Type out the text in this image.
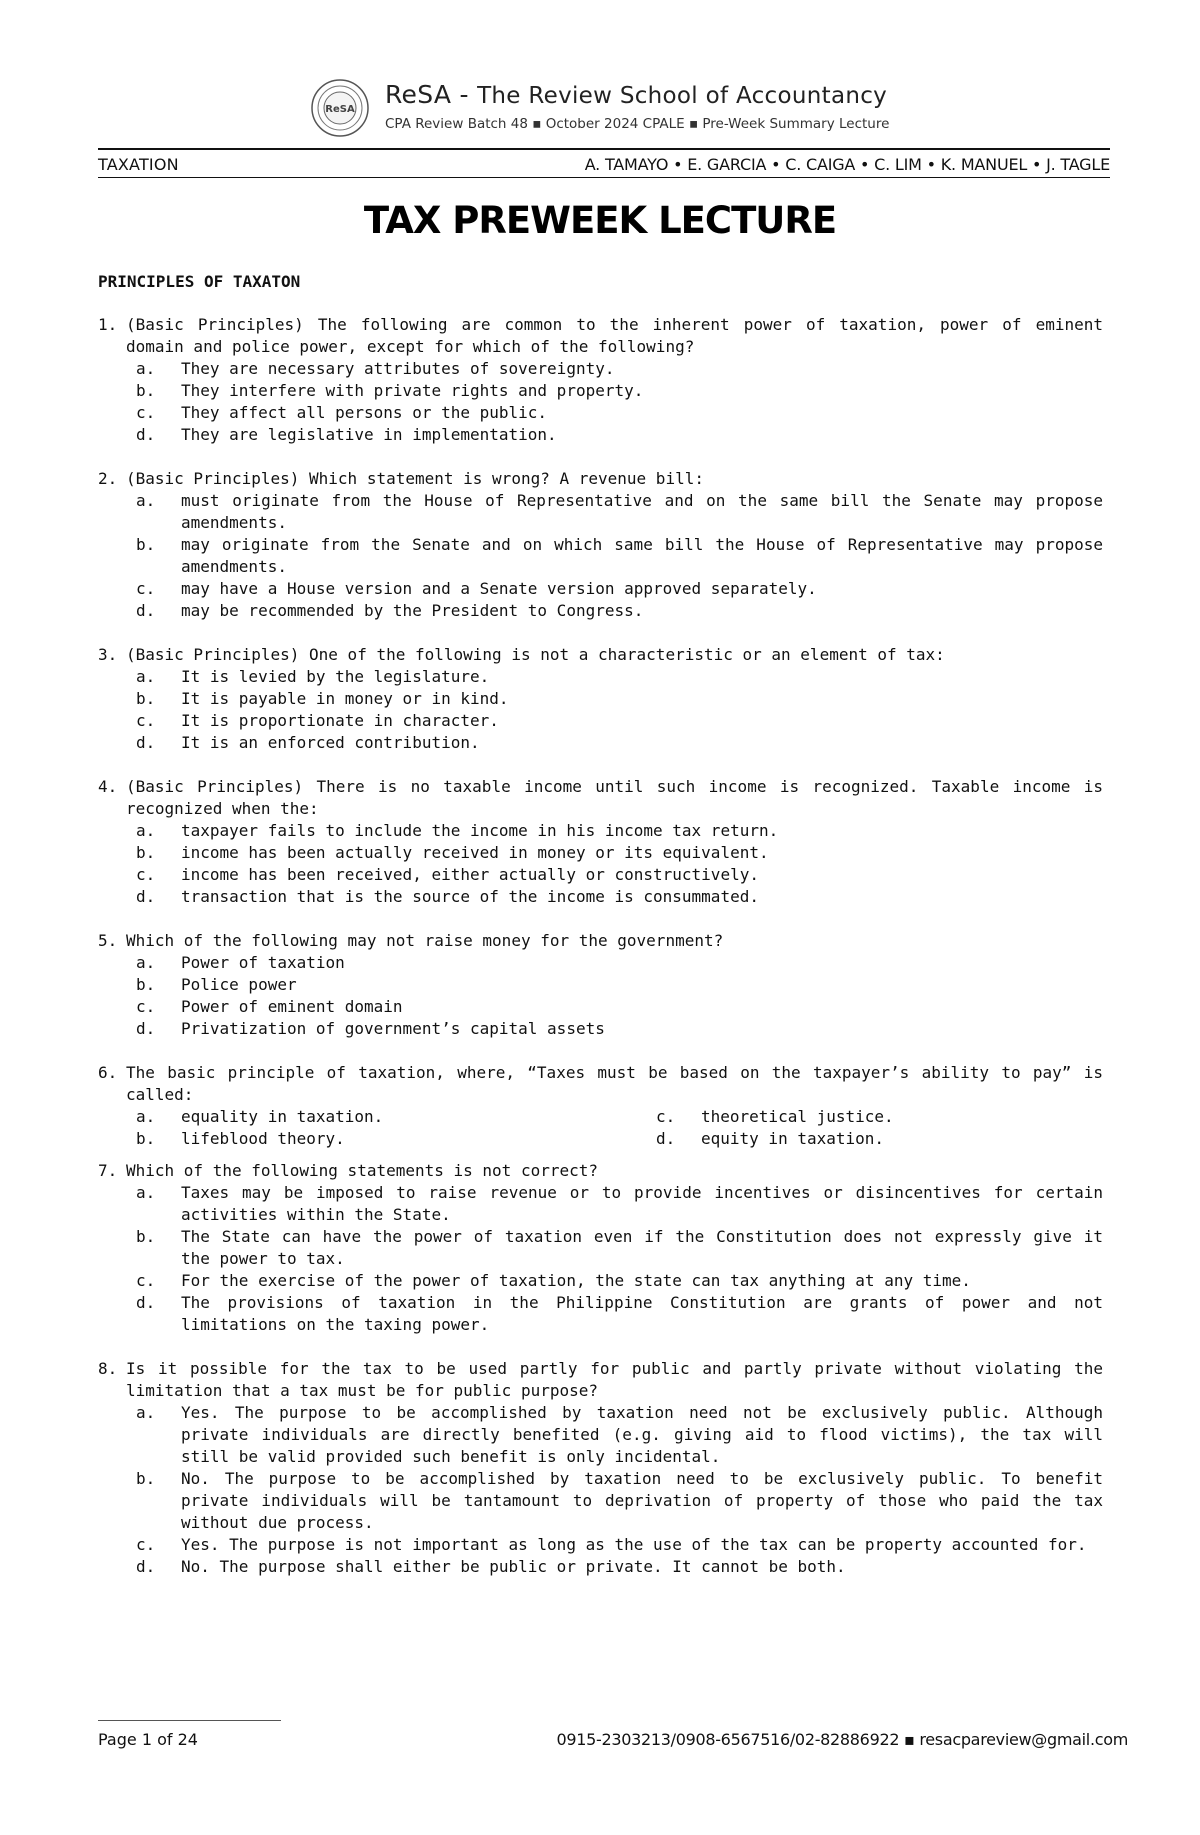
ReSA
ReSA - The Review School of Accountancy
CPA Review Batch 48 ▪ October 2024 CPALE ▪ Pre-Week Summary Lecture
TAXATION	A. TAMAYO • E. GARCIA • C. CAIGA • C. LIM • K. MANUEL • J. TAGLE
TAX PREWEEK LECTURE
PRINCIPLES OF TAXATON
1. (Basic Principles) The following are common to the inherent power of taxation, power of eminent domain and police power, except for which of the following?
a. They are necessary attributes of sovereignty.
b. They interfere with private rights and property.
c. They affect all persons or the public.
d. They are legislative in implementation.
2. (Basic Principles) Which statement is wrong? A revenue bill:
a. must originate from the House of Representative and on the same bill the Senate may propose amendments.
b. may originate from the Senate and on which same bill the House of Representative may propose amendments.
c. may have a House version and a Senate version approved separately.
d. may be recommended by the President to Congress.
3. (Basic Principles) One of the following is not a characteristic or an element of tax:
a. It is levied by the legislature.
b. It is payable in money or in kind.
c. It is proportionate in character.
d. It is an enforced contribution.
4. (Basic Principles) There is no taxable income until such income is recognized. Taxable income is recognized when the:
a. taxpayer fails to include the income in his income tax return.
b. income has been actually received in money or its equivalent.
c. income has been received, either actually or constructively.
d. transaction that is the source of the income is consummated.
5. Which of the following may not raise money for the government?
a. Power of taxation
b. Police power
c. Power of eminent domain
d. Privatization of government’s capital assets
6. The basic principle of taxation, where, “Taxes must be based on the taxpayer’s ability to pay” is called:
a. equality in taxation.	c. theoretical justice.
b. lifeblood theory.	d. equity in taxation.
7. Which of the following statements is not correct?
a. Taxes may be imposed to raise revenue or to provide incentives or disincentives for certain activities within the State.
b. The State can have the power of taxation even if the Constitution does not expressly give it the power to tax.
c. For the exercise of the power of taxation, the state can tax anything at any time.
d. The provisions of taxation in the Philippine Constitution are grants of power and not limitations on the taxing power.
8. Is it possible for the tax to be used partly for public and partly private without violating the limitation that a tax must be for public purpose?
a. Yes. The purpose to be accomplished by taxation need not be exclusively public. Although private individuals are directly benefited (e.g. giving aid to flood victims), the tax will still be valid provided such benefit is only incidental.
b. No. The purpose to be accomplished by taxation need to be exclusively public. To benefit private individuals will be tantamount to deprivation of property of those who paid the tax without due process.
c. Yes. The purpose is not important as long as the use of the tax can be property accounted for.
d. No. The purpose shall either be public or private. It cannot be both.
Page 1 of 24	0915-2303213/0908-6567516/02-82886922 ▪ resacpareview@gmail.com
